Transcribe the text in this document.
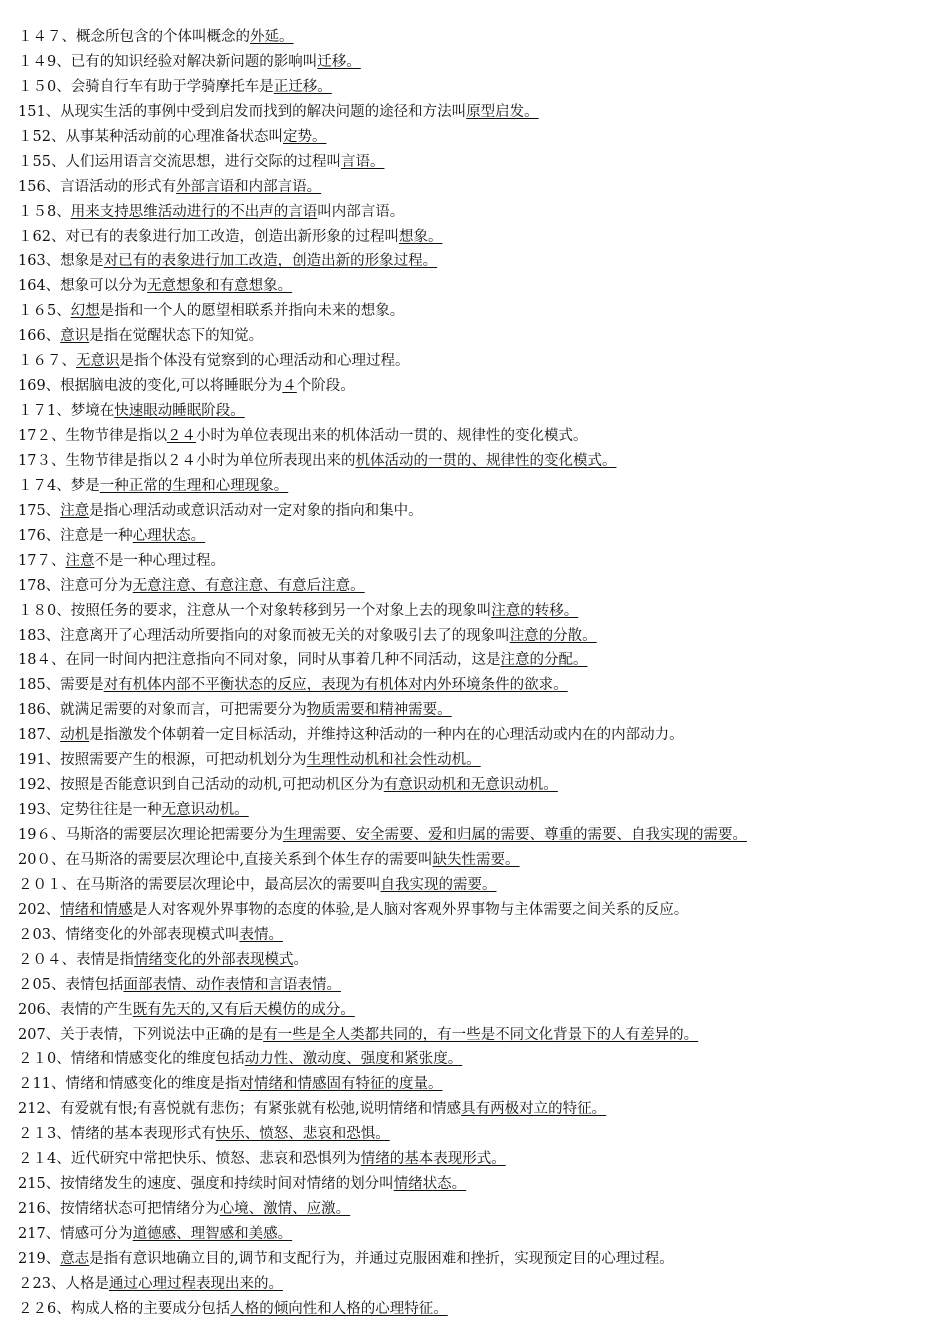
１４７、概念所包含的个体叫概念的外延。
１４9、已有的知识经验对解决新问题的影响叫迁移。
１５0、会骑自行车有助于学骑摩托车是正迁移。
151、从现实生活的事例中受到启发而找到的解决问题的途径和方法叫原型启发。
１52、从事某种活动前的心理准备状态叫定势。
１55、人们运用语言交流思想，进行交际的过程叫言语。
156、言语活动的形式有外部言语和内部言语。
１５8、用来支持思维活动进行的不出声的言语叫内部言语。
１62、对已有的表象进行加工改造，创造出新形象的过程叫想象。
163、想象是对已有的表象进行加工改造，创造出新的形象过程。
164、想象可以分为无意想象和有意想象。
１６5、幻想是指和一个人的愿望相联系并指向未来的想象。
166、意识是指在觉醒状态下的知觉。
１６７、无意识是指个体没有觉察到的心理活动和心理过程。
169、根据脑电波的变化,可以将睡眠分为４个阶段。
１７1、梦境在快速眼动睡眠阶段。
17２、生物节律是指以２４小时为单位表现出来的机体活动一贯的、规律性的变化模式。
17３、生物节律是指以２４小时为单位所表现出来的机体活动的一贯的、规律性的变化模式。
１７4、梦是一种正常的生理和心理现象。
175、注意是指心理活动或意识活动对一定对象的指向和集中。
176、注意是一种心理状态。
17７、注意不是一种心理过程。
178、注意可分为无意注意、有意注意、有意后注意。
１８0、按照任务的要求，注意从一个对象转移到另一个对象上去的现象叫注意的转移。
183、注意离开了心理活动所要指向的对象而被无关的对象吸引去了的现象叫注意的分散。
18４、在同一时间内把注意指向不同对象，同时从事着几种不同活动，这是注意的分配。
185、需要是对有机体内部不平衡状态的反应，表现为有机体对内外环境条件的欲求。
186、就满足需要的对象而言，可把需要分为物质需要和精神需要。
187、动机是指激发个体朝着一定目标活动，并维持这种活动的一种内在的心理活动或内在的内部动力。
191、按照需要产生的根源，可把动机划分为生理性动机和社会性动机。
192、按照是否能意识到自己活动的动机,可把动机区分为有意识动机和无意识动机。
193、定势往往是一种无意识动机。
19６、马斯洛的需要层次理论把需要分为生理需要、安全需要、爱和归属的需要、尊重的需要、自我实现的需要。
20０、在马斯洛的需要层次理论中,直接关系到个体生存的需要叫缺失性需要。
２０１、在马斯洛的需要层次理论中，最高层次的需要叫自我实现的需要。
202、情绪和情感是人对客观外界事物的态度的体验,是人脑对客观外界事物与主体需要之间关系的反应。
２03、情绪变化的外部表现模式叫表情。
２０４、表情是指情绪变化的外部表现模式。
２05、表情包括面部表情、动作表情和言语表情。
206、表情的产生既有先天的,又有后天模仿的成分。
207、关于表情，下列说法中正确的是有一些是全人类都共同的，有一些是不同文化背景下的人有差异的。
２１0、情绪和情感变化的维度包括动力性、激动度、强度和紧张度。
２11、情绪和情感变化的维度是指对情绪和情感固有特征的度量。
212、有爱就有恨;有喜悦就有悲伤；有紧张就有松弛,说明情绪和情感具有两极对立的特征。
２１3、情绪的基本表现形式有快乐、愤怒、悲哀和恐惧。
２１4、近代研究中常把快乐、愤怒、悲哀和恐惧列为情绪的基本表现形式。
215、按情绪发生的速度、强度和持续时间对情绪的划分叫情绪状态。
216、按情绪状态可把情绪分为心境、激情、应激。
217、情感可分为道德感、理智感和美感。
219、意志是指有意识地确立目的,调节和支配行为，并通过克服困难和挫折，实现预定目的心理过程。
２23、人格是通过心理过程表现出来的。
２２6、构成人格的主要成分包括人格的倾向性和人格的心理特征。
